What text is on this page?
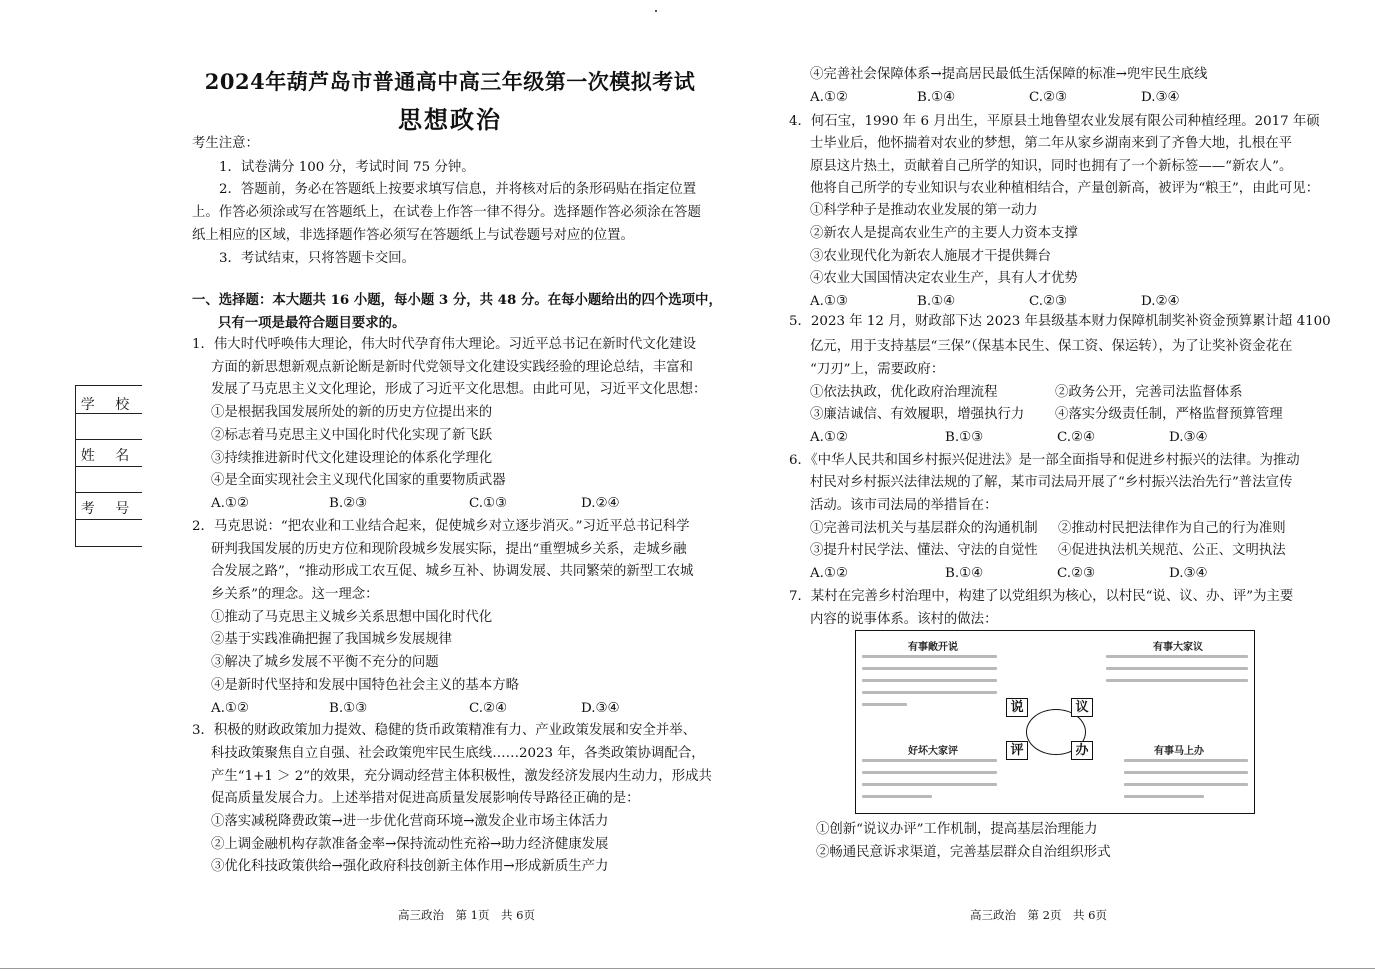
2024年葫芦岛市普通高中高三年级第一次模拟考试
思想政治
考生注意：
1．试卷满分 100 分，考试时间 75 分钟。
2．答题前，务必在答题纸上按要求填写信息，并将核对后的条形码贴在指定位置
上。作答必须涂或写在答题纸上，在试卷上作答一律不得分。选择题作答必须涂在答题
纸上相应的区域，非选择题作答必须写在答题纸上与试卷题号对应的位置。
3．考试结束，只将答题卡交回。
一、选择题：本大题共 16 小题，每小题 3 分，共 48 分。在每小题给出的四个选项中，
只有一项是最符合题目要求的。
1．伟大时代呼唤伟大理论，伟大时代孕育伟大理论。习近平总书记在新时代文化建设
方面的新思想新观点新论断是新时代党领导文化建设实践经验的理论总结，丰富和
发展了马克思主义文化理论，形成了习近平文化思想。由此可见，习近平文化思想：
①是根据我国发展所处的新的历史方位提出来的
②标志着马克思主义中国化时代化实现了新飞跃
③持续推进新时代文化建设理论的体系化学理化
④是全面实现社会主义现代化国家的重要物质武器
A.①②	B.②③	C.①③	D.②④
2．马克思说：“把农业和工业结合起来，促使城乡对立逐步消灭。”习近平总书记科学
研判我国发展的历史方位和现阶段城乡发展实际，提出“重塑城乡关系，走城乡融
合发展之路”，“推动形成工农互促、城乡互补、协调发展、共同繁荣的新型工农城
乡关系”的理念。这一理念：
①推动了马克思主义城乡关系思想中国化时代化
②基于实践准确把握了我国城乡发展规律
③解决了城乡发展不平衡不充分的问题
④是新时代坚持和发展中国特色社会主义的基本方略
A.①②	B.①③	C.②④	D.③④
3．积极的财政政策加力提效、稳健的货币政策精准有力、产业政策发展和安全并举、
科技政策聚焦自立自强、社会政策兜牢民生底线……2023 年，各类政策协调配合，
产生“1+1 ＞ 2”的效果，充分调动经营主体积极性，激发经济发展内生动力，形成共
促高质量发展合力。上述举措对促进高质量发展影响传导路径正确的是：
①落实减税降费政策→进一步优化营商环境→激发企业市场主体活力
②上调金融机构存款准备金率→保持流动性充裕→助力经济健康发展
③优化科技政策供给→强化政府科技创新主体作用→形成新质生产力
学 校
姓 名
考 号
高三政治　第 1页　共 6页
④完善社会保障体系→提高居民最低生活保障的标准→兜牢民生底线
A.①②	B.①④	C.②③	D.③④
4．何石宝，1990 年 6 月出生，平原县土地鲁望农业发展有限公司种植经理。2017 年硕
士毕业后，他怀揣着对农业的梦想，第二年从家乡湖南来到了齐鲁大地，扎根在平
原县这片热土，贡献着自己所学的知识，同时也拥有了一个新标签——“新农人”。
他将自己所学的专业知识与农业种植相结合，产量创新高，被评为“粮王”，由此可见：
①科学种子是推动农业发展的第一动力
②新农人是提高农业生产的主要人力资本支撑
③农业现代化为新农人施展才干提供舞台
④农业大国国情决定农业生产，具有人才优势
A.①③	B.①④	C.②③	D.②④
5．2023 年 12 月，财政部下达 2023 年县级基本财力保障机制奖补资金预算累计超 4100
亿元，用于支持基层“三保”（保基本民生、保工资、保运转），为了让奖补资金花在
“刀刃”上，需要政府：
①依法执政，优化政府治理流程	②政务公开，完善司法监督体系
③廉洁诚信、有效履职，增强执行力 ④落实分级责任制，严格监督预算管理
A.①②	B.①③	C.②④	D.③④
6．《中华人民共和国乡村振兴促进法》是一部全面指导和促进乡村振兴的法律。为推动
村民对乡村振兴法律法规的了解，某市司法局开展了“乡村振兴法治先行”普法宣传
活动。该市司法局的举措旨在：
①完善司法机关与基层群众的沟通机制 ②推动村民把法律作为自己的行为准则
③提升村民学法、懂法、守法的自觉性 ④促进执法机关规范、公正、文明执法
A.①②	B.①④	C.②③	D.③④
7．某村在完善乡村治理中，构建了以党组织为核心，以村民“说、议、办、评”为主要
内容的说事体系。该村的做法：
有事敞开说	有事大家议
好坏大家评	有事马上办
说	议
评	办
①创新“说议办评”工作机制，提高基层治理能力
②畅通民意诉求渠道，完善基层群众自治组织形式
高三政治　第 2页　共 6页
